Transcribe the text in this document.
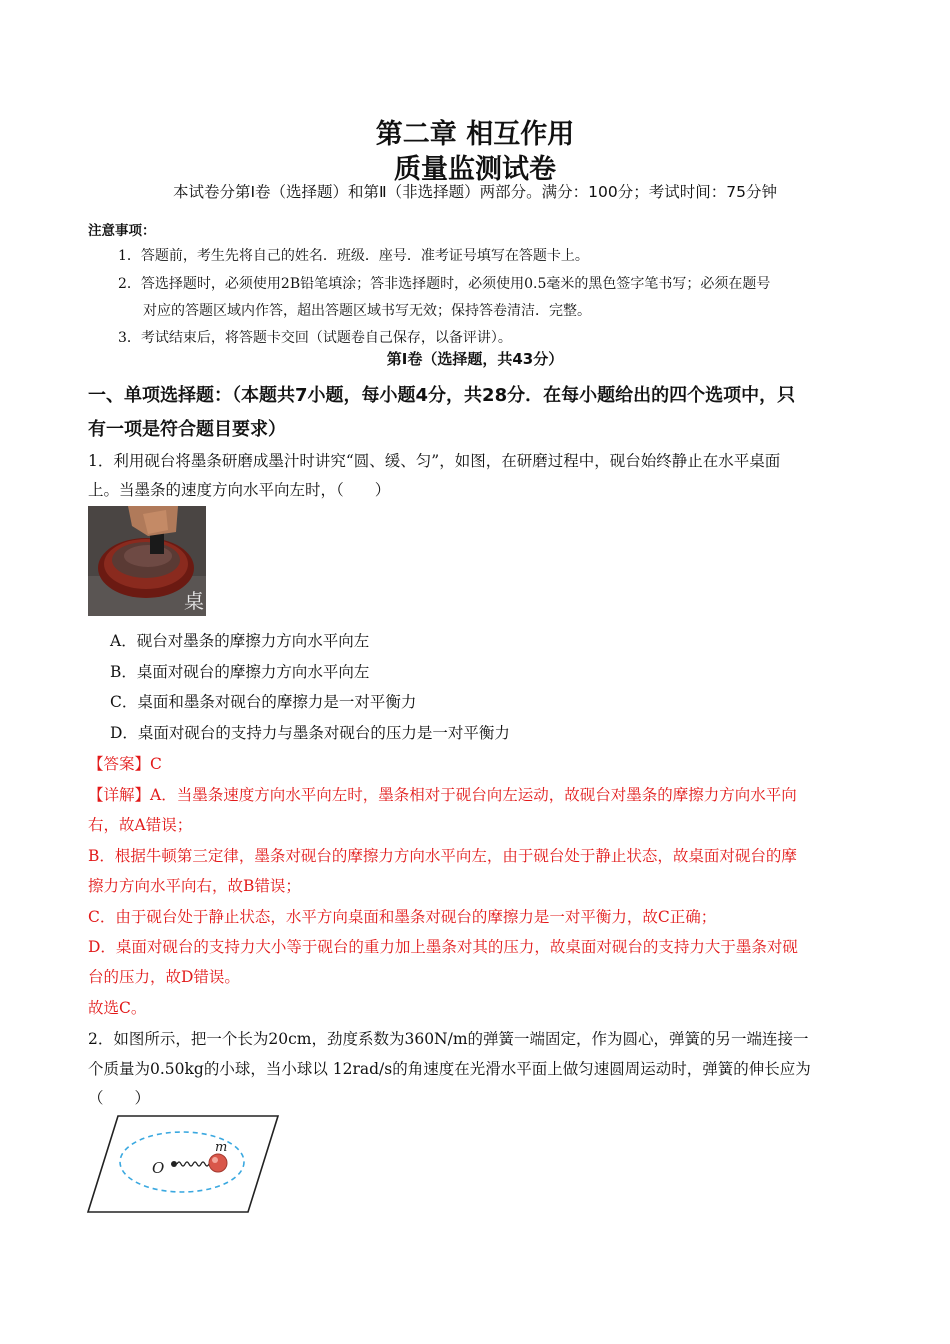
第二章 相互作用
质量监测试卷
本试卷分第Ⅰ卷（选择题）和第Ⅱ（非选择题）两部分。满分：100分；考试时间：75分钟
注意事项：
1．答题前，考生先将自己的姓名．班级．座号．准考证号填写在答题卡上。
2．答选择题时，必须使用2B铅笔填涂；答非选择题时，必须使用0.5毫米的黑色签字笔书写；必须在题号
对应的答题区域内作答，超出答题区域书写无效；保持答卷清洁．完整。
3．考试结束后，将答题卡交回（试题卷自己保存，以备评讲）。
第Ⅰ卷（选择题，共43分）
一、单项选择题：（本题共7小题，每小题4分，共28分．在每小题给出的四个选项中，只
有一项是符合题目要求）
1．利用砚台将墨条研磨成墨汁时讲究“圆、缓、匀”，如图，在研磨过程中，砚台始终静止在水平桌面
上。当墨条的速度方向水平向左时，（　　）
桌
A．砚台对墨条的摩擦力方向水平向左
B．桌面对砚台的摩擦力方向水平向左
C．桌面和墨条对砚台的摩擦力是一对平衡力
D．桌面对砚台的支持力与墨条对砚台的压力是一对平衡力
【答案】C
【详解】A．当墨条速度方向水平向左时，墨条相对于砚台向左运动，故砚台对墨条的摩擦力方向水平向
右，故A错误；
B．根据牛顿第三定律，墨条对砚台的摩擦力方向水平向左，由于砚台处于静止状态，故桌面对砚台的摩
擦力方向水平向右，故B错误；
C．由于砚台处于静止状态，水平方向桌面和墨条对砚台的摩擦力是一对平衡力，故C正确；
D．桌面对砚台的支持力大小等于砚台的重力加上墨条对其的压力，故桌面对砚台的支持力大于墨条对砚
台的压力，故D错误。
故选C。
2．如图所示，把一个长为20cm，劲度系数为360N/m的弹簧一端固定，作为圆心，弹簧的另一端连接一
个质量为0.50kg的小球，当小球以 12rad/s的角速度在光滑水平面上做匀速圆周运动时，弹簧的伸长应为
（　　）
O
m
